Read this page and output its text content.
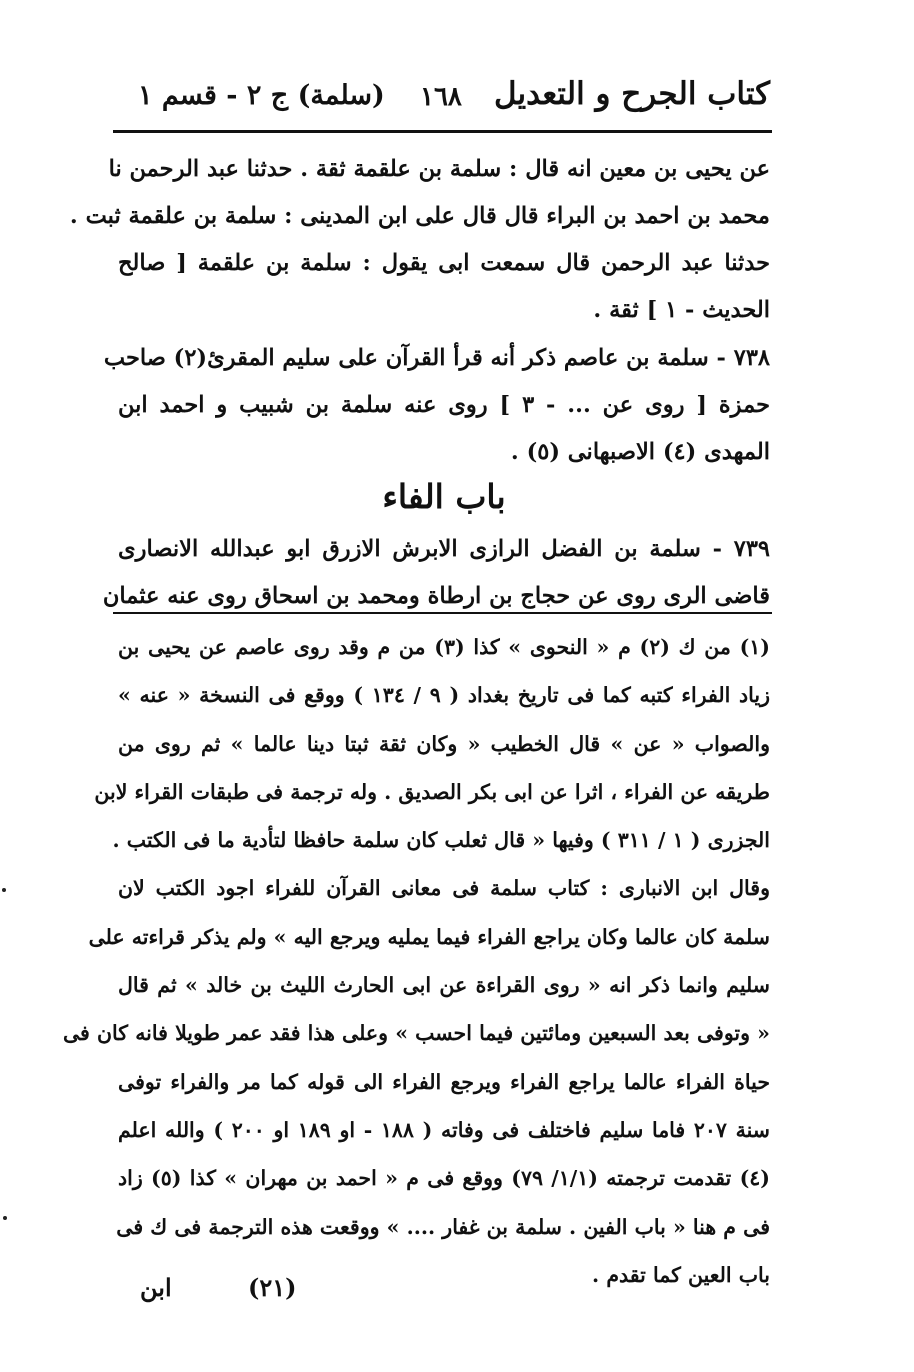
كتاب الجرح و التعديل
١٦٨
(سلمة) ج ٢ - قسم ١
عن يحيى بن معين انه قال : سلمة بن علقمة ثقة . حدثنا عبد الرحمن نا
محمد بن احمد بن البراء قال قال على ابن المدينى : سلمة بن علقمة ثبت .
حدثنا عبد الرحمن قال سمعت ابى يقول : سلمة بن علقمة [ صالح
الحديث - ١ ] ثقة .
٧٣٨ - سلمة بن عاصم ذكر أنه قرأ القرآن على سليم المقرئ(٢) صاحب
حمزة [ روى عن ... - ٣ ] روى عنه سلمة بن شبيب و احمد ابن
المهدى (٤) الاصبهانى (٥) .
باب الفاء
٧٣٩ - سلمة بن الفضل الرازى الابرش الازرق ابو عبدالله الانصارى
قاضى الرى روى عن حجاج بن ارطاة ومحمد بن اسحاق روى عنه عثمان
(١) من ك (٢) م « النحوى » كذا (٣) من م وقد روى عاصم عن يحيى بن
زياد الفراء كتبه كما فى تاريخ بغداد ( ٩ / ١٣٤ ) ووقع فى النسخة « عنه »
والصواب « عن » قال الخطيب « وكان ثقة ثبتا دينا عالما » ثم روى من
طريقه عن الفراء ، اثرا عن ابى بكر الصديق . وله ترجمة فى طبقات القراء لابن
الجزرى ( ١ / ٣١١ ) وفيها « قال ثعلب كان سلمة حافظا لتأدية ما فى الكتب .
وقال ابن الانبارى : كتاب سلمة فى معانى القرآن للفراء اجود الكتب لان
سلمة كان عالما وكان يراجع الفراء فيما يمليه ويرجع اليه » ولم يذكر قراءته على
سليم وانما ذكر انه « روى القراءة عن ابى الحارث الليث بن خالد » ثم قال
« وتوفى بعد السبعين ومائتين فيما احسب » وعلى هذا فقد عمر طويلا فانه كان فى
حياة الفراء عالما يراجع الفراء ويرجع الفراء الى قوله كما مر والفراء توفى
سنة ٢٠٧ فاما سليم فاختلف فى وفاته ( ١٨٨ - او ١٨٩ او ٢٠٠ ) والله اعلم
(٤) تقدمت ترجمته (١/١/ ٧٩) ووقع فى م « احمد بن مهران » كذا (٥) زاد
فى م هنا « باب الفين . سلمة بن غفار .... » ووقعت هذه الترجمة فى ك فى
باب العين كما تقدم .
(٢١)
ابن
